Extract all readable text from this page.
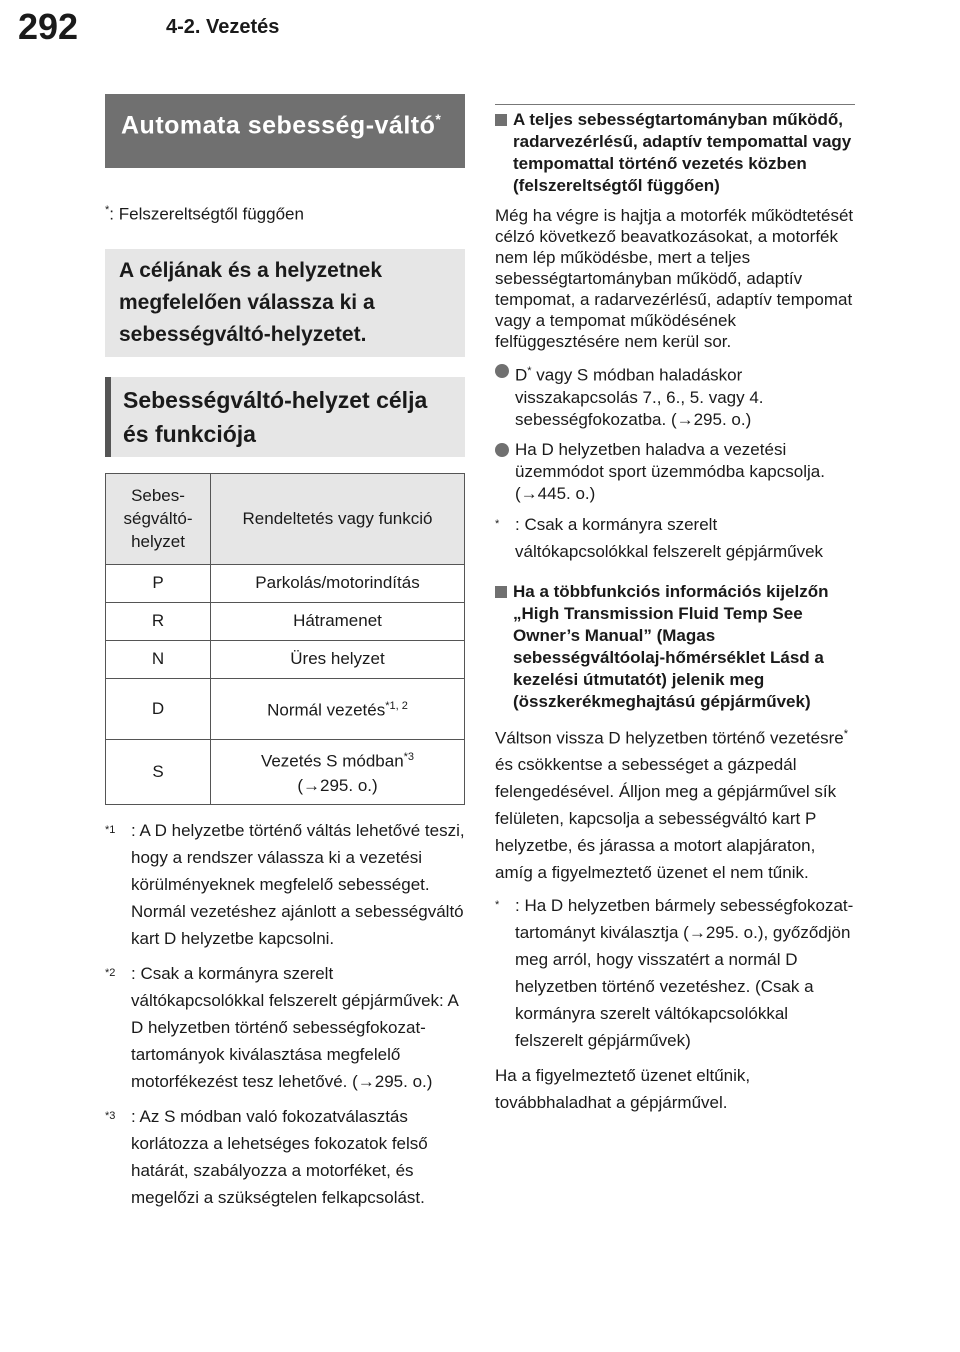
292	4-2. Vezetés
Automata sebesség-váltó*
*: Felszereltségtől függően
A céljának és a helyzetnek megfelelően válassza ki a sebességváltó-helyzetet.
Sebességváltó-helyzet célja és funkciója
Sebes-ségváltó-helyzet	Rendeltetés vagy funkció
P	Parkolás/motorindítás
R	Hátramenet
N	Üres helyzet
D	Normál vezetés$^{*1, 2}$
S	Vezetés S módban$^{*3}$
(→295. o.)
$^{*1}$ : A D helyzetbe történő váltás lehetővé teszi, hogy a rendszer válassza ki a vezetési körülményeknek megfelelő sebességet. Normál vezetéshez ajánlott a sebességváltó kart D helyzetbe kapcsolni.
$^{*2}$ : Csak a kormányra szerelt váltókapcsolókkal felszerelt gépjárművek: A D helyzetben történő sebességfokozat-tartományok kiválasztása megfelelő motorfékezést tesz lehetővé. (→295. o.)
$^{*3}$ : Az S módban való fokozatválasztás korlátozza a lehetséges fokozatok felső határát, szabályozza a motorféket, és megelőzi a szükségtelen felkapcsolást.
A teljes sebességtartományban működő, radarvezérlésű, adaptív tempomattal vagy tempomattal történő vezetés közben (felszereltségtől függően)
Még ha végre is hajtja a motorfék működtetését célzó következő beavatkozásokat, a motorfék nem lép működésbe, mert a teljes sebességtartományban működő, adaptív tempomat, a radarvezérlésű, adaptív tempomat vagy a tempomat működésének felfüggesztésére nem kerül sor.
D* vagy S módban haladáskor visszakapcsolás 7., 6., 5. vagy 4. sebességfokozatba. (→295. o.)
Ha D helyzetben haladva a vezetési üzemmódot sport üzemmódba kapcsolja. (→445. o.)
* : Csak a kormányra szerelt váltókapcsolókkal felszerelt gépjárművek
Ha a többfunkciós információs kijelzőn „High Transmission Fluid Temp See Owner’s Manual” (Magas sebességváltóolaj-hőmérséklet Lásd a kezelési útmutatót) jelenik meg (összkerékmeghajtású gépjárművek)
Váltson vissza D helyzetben történő vezetésre* és csökkentse a sebességet a gázpedál felengedésével. Álljon meg a gépjárművel sík felületen, kapcsolja a sebességváltó kart P helyzetbe, és járassa a motort alapjáraton, amíg a figyelmeztető üzenet el nem tűnik.
* : Ha D helyzetben bármely sebességfokozat-tartományt kiválasztja (→295. o.), győződjön meg arról, hogy visszatért a normál D helyzetben történő vezetéshez. (Csak a kormányra szerelt váltókapcsolókkal felszerelt gépjárművek)
Ha a figyelmeztető üzenet eltűnik, továbbhaladhat a gépjárművel.
